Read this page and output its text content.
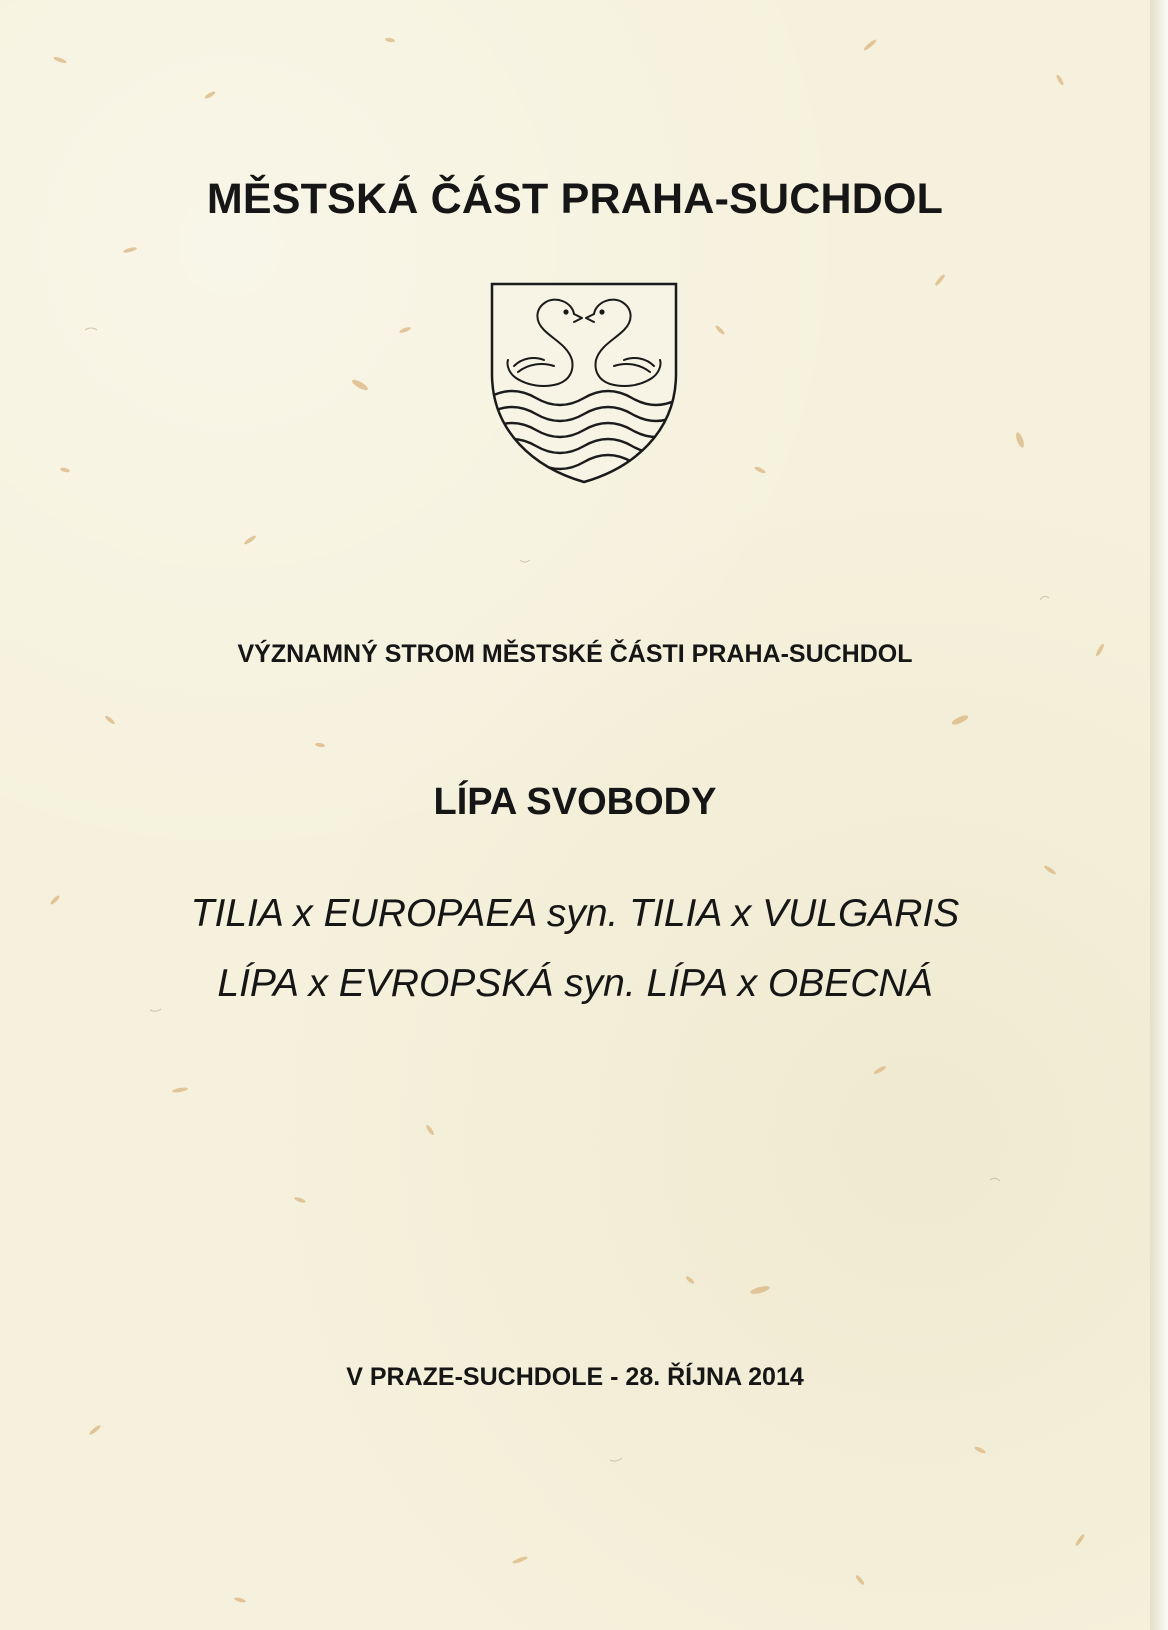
MĚSTSKÁ ČÁST PRAHA-SUCHDOL
VÝZNAMNÝ STROM MĚSTSKÉ ČÁSTI PRAHA-SUCHDOL
LÍPA SVOBODY
TILIA x EUROPAEA syn. TILIA x VULGARIS
LÍPA x EVROPSKÁ syn. LÍPA x OBECNÁ
V PRAZE-SUCHDOLE - 28. ŘÍJNA 2014
